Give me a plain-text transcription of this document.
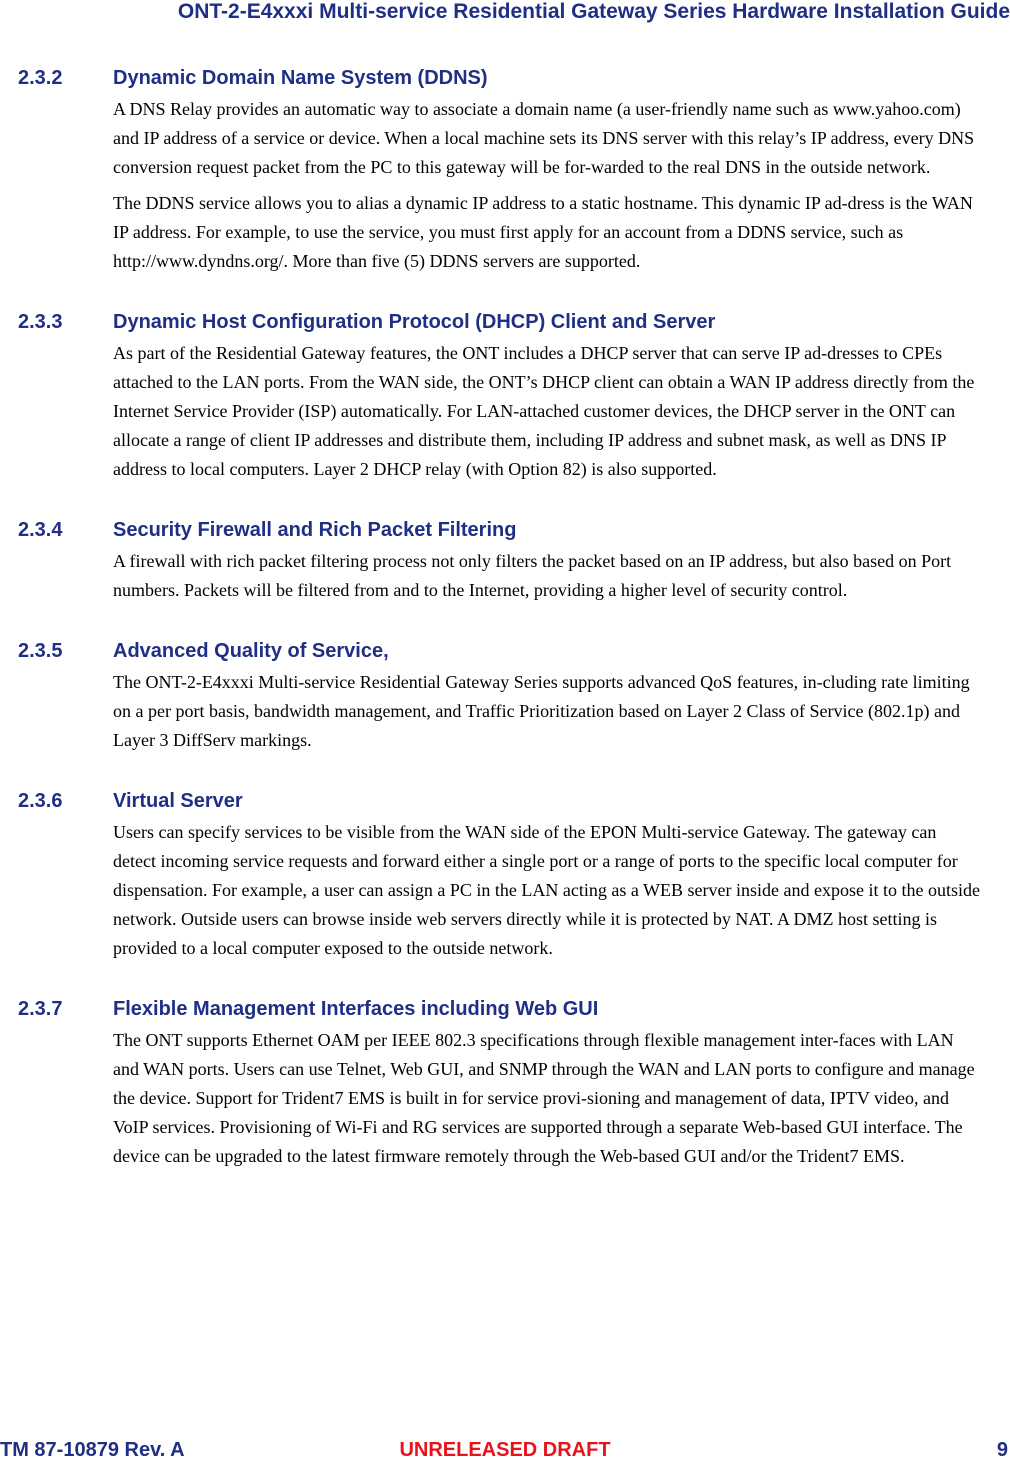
ONT-2-E4xxxi Multi-service Residential Gateway Series Hardware Installation Guide
2.3.2	Dynamic Domain Name System (DDNS)

A DNS Relay provides an automatic way to associate a domain name (a user-friendly name such as www.yahoo.com) and IP address of a service or device. When a local machine sets its DNS server with this relay’s IP address, every DNS conversion request packet from the PC to this gateway will be for-warded to the real DNS in the outside network.

The DDNS service allows you to alias a dynamic IP address to a static hostname. This dynamic IP ad-dress is the WAN IP address. For example, to use the service, you must first apply for an account from a DDNS service, such as http://www.dyndns.org/. More than five (5) DDNS servers are supported.

2.3.3	Dynamic Host Configuration Protocol (DHCP) Client and Server

As part of the Residential Gateway features, the ONT includes a DHCP server that can serve IP ad-dresses to CPEs attached to the LAN ports. From the WAN side, the ONT’s DHCP client can obtain a WAN IP address directly from the Internet Service Provider (ISP) automatically. For LAN-attached customer devices, the DHCP server in the ONT can allocate a range of client IP addresses and distribute them, including IP address and subnet mask, as well as DNS IP address to local computers. Layer 2 DHCP relay (with Option 82) is also supported.

2.3.4	Security Firewall and Rich Packet Filtering

A firewall with rich packet filtering process not only filters the packet based on an IP address, but also based on Port numbers. Packets will be filtered from and to the Internet, providing a higher level of security control.

2.3.5	Advanced Quality of Service,

The ONT-2-E4xxxi Multi-service Residential Gateway Series supports advanced QoS features, in-cluding rate limiting on a per port basis, bandwidth management, and Traffic Prioritization based on Layer 2 Class of Service (802.1p) and Layer 3 DiffServ markings.

2.3.6	Virtual Server

Users can specify services to be visible from the WAN side of the EPON Multi-service Gateway. The gateway can detect incoming service requests and forward either a single port or a range of ports to the specific local computer for dispensation. For example, a user can assign a PC in the LAN acting as a WEB server inside and expose it to the outside network. Outside users can browse inside web servers directly while it is protected by NAT. A DMZ host setting is provided to a local computer exposed to the outside network.

2.3.7	Flexible Management Interfaces including Web GUI

The ONT supports Ethernet OAM per IEEE 802.3 specifications through flexible management inter-faces with LAN and WAN ports. Users can use Telnet, Web GUI, and SNMP through the WAN and LAN ports to configure and manage the device. Support for Trident7 EMS is built in for service provi-sioning and management of data, IPTV video, and VoIP services. Provisioning of Wi-Fi and RG services are supported through a separate Web-based GUI interface. The device can be upgraded to the latest firmware remotely through the Web-based GUI and/or the Trident7 EMS.

UNRELEASED DRAFT
TM 87-10879 Rev. A	9
